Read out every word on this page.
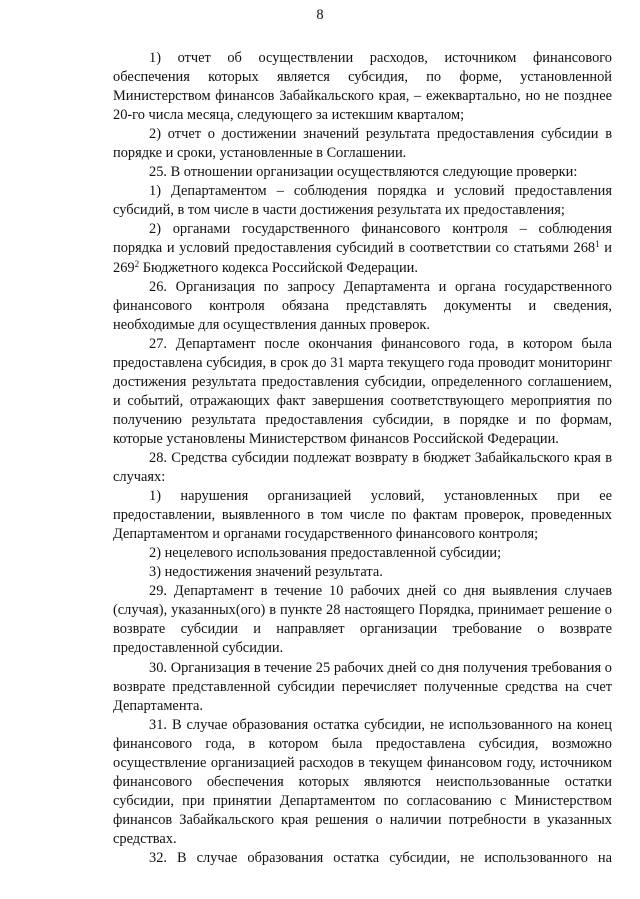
8

1) отчет об осуществлении расходов, источником финансового обеспечения которых является субсидия, по форме, установленной Министерством финансов Забайкальского края, – ежеквартально, но не позднее 20-го числа месяца, следующего за истекшим кварталом;

2) отчет о достижении значений результата предоставления субсидии в порядке и сроки, установленные в Соглашении.

25. В отношении организации осуществляются следующие проверки:

1) Департаментом – соблюдения порядка и условий предоставления субсидий, в том числе в части достижения результата их предоставления;

2) органами государственного финансового контроля – соблюдения порядка и условий предоставления субсидий в соответствии со статьями $268^1$ и $269^2$ Бюджетного кодекса Российской Федерации.

26. Организация по запросу Департамента и органа государственного финансового контроля обязана представлять документы и сведения, необходимые для осуществления данных проверок.

27. Департамент после окончания финансового года, в котором была предоставлена субсидия, в срок до 31 марта текущего года проводит мониторинг достижения результата предоставления субсидии, определенного соглашением, и событий, отражающих факт завершения соответствующего мероприятия по получению результата предоставления субсидии, в порядке и по формам, которые установлены Министерством финансов Российской Федерации.

28. Средства субсидии подлежат возврату в бюджет Забайкальского края в случаях:

1) нарушения организацией условий, установленных при ее предоставлении, выявленного в том числе по фактам проверок, проведенных Департаментом и органами государственного финансового контроля;

2) нецелевого использования предоставленной субсидии;

3) недостижения значений результата.

29. Департамент в течение 10 рабочих дней со дня выявления случаев (случая), указанных(ого) в пункте 28 настоящего Порядка, принимает решение о возврате субсидии и направляет организации требование о возврате предоставленной субсидии.

30. Организация в течение 25 рабочих дней со дня получения требования о возврате представленной субсидии перечисляет полученные средства на счет Департамента.

31. В случае образования остатка субсидии, не использованного на конец финансового года, в котором была предоставлена субсидия, возможно осуществление организацией расходов в текущем финансовом году, источником финансового обеспечения которых являются неиспользованные остатки субсидии, при принятии Департаментом по согласованию с Министерством финансов Забайкальского края решения о наличии потребности в указанных средствах.

32. В случае образования остатка субсидии, не использованного на
